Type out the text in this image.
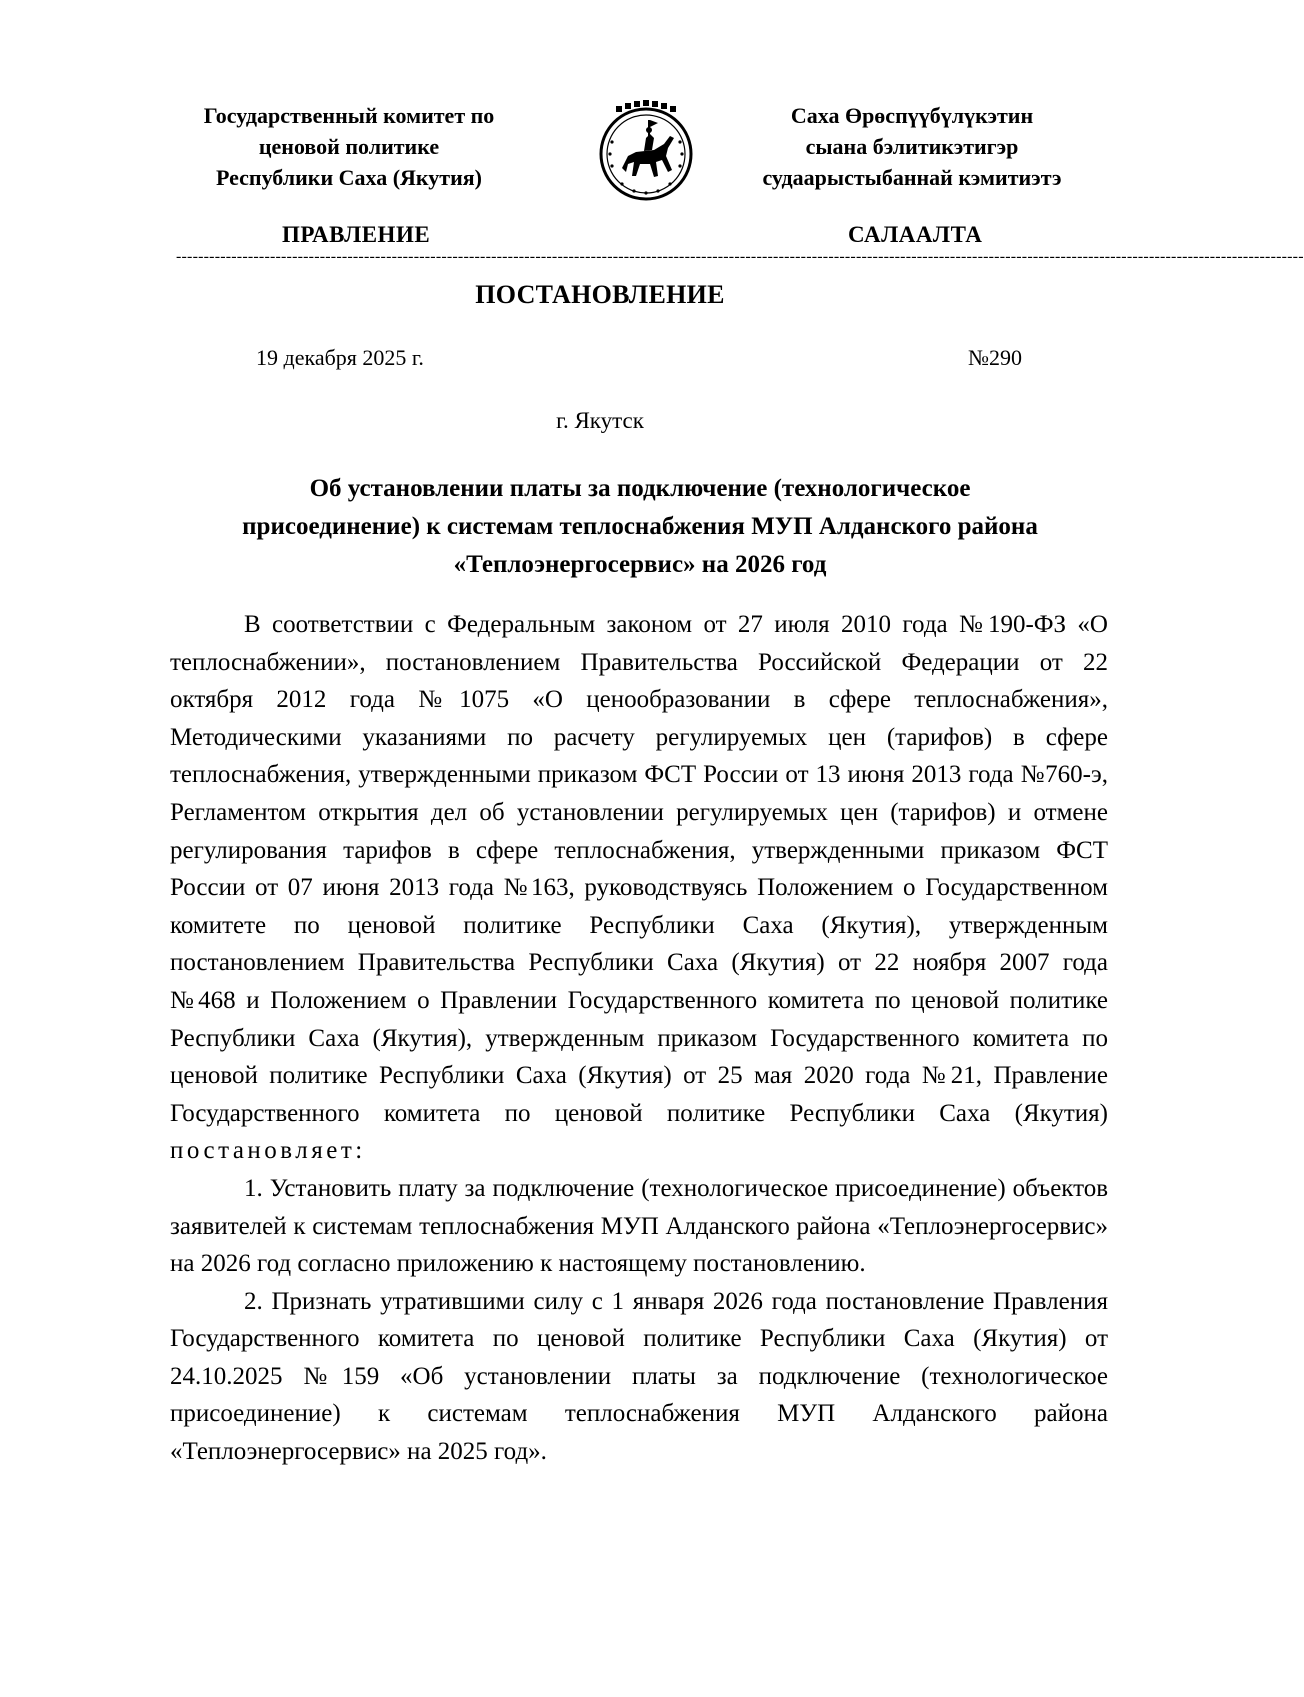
Государственный комитет по
ценовой политике
Республики Саха (Якутия)
Саха Өрөспүүбүлүкэтин
сыана бэлитикэтигэр
судаарыстыбаннай кэмитиэтэ
ПРАВЛЕНИЕ	САЛААЛТА
------------------------------------------------------------------------------------------------------------------------------------------------------------------------------------------------------------
ПОСТАНОВЛЕНИЕ
19 декабря 2025 г.	№290
г. Якутск
Об установлении платы за подключение (технологическое
присоединение) к системам теплоснабжения МУП Алданского района
«Теплоэнергосервис» на 2026 год

В соответствии с Федеральным законом от 27 июля 2010 года №190-ФЗ «О теплоснабжении», постановлением Правительства Российской Федерации от 22 октября 2012 года №1075 «О ценообразовании в сфере теплоснабжения», Методическими указаниями по расчету регулируемых цен (тарифов) в сфере теплоснабжения, утвержденными приказом ФСТ России от 13 июня 2013 года №760-э, Регламентом открытия дел об установлении регулируемых цен (тарифов) и отмене регулирования тарифов в сфере теплоснабжения, утвержденными приказом ФСТ России от 07 июня 2013 года №163, руководствуясь Положением о Государственном комитете по ценовой политике Республики Саха (Якутия), утвержденным постановлением Правительства Республики Саха (Якутия) от 22 ноября 2007 года №468 и Положением о Правлении Государственного комитета по ценовой политике Республики Саха (Якутия), утвержденным приказом Государственного комитета по ценовой политике Республики Саха (Якутия) от 25 мая 2020 года №21, Правление Государственного комитета по ценовой политике Республики Саха (Якутия) постановляет:

1. Установить плату за подключение (технологическое присоединение) объектов заявителей к системам теплоснабжения МУП Алданского района «Теплоэнергосервис» на 2026 год согласно приложению к настоящему постановлению.

2. Признать утратившими силу с 1 января 2026 года постановление Правления Государственного комитета по ценовой политике Республики Саха (Якутия) от 24.10.2025 №159 «Об установлении платы за подключение (технологическое присоединение) к системам теплоснабжения МУП Алданского района «Теплоэнергосервис» на 2025 год».
